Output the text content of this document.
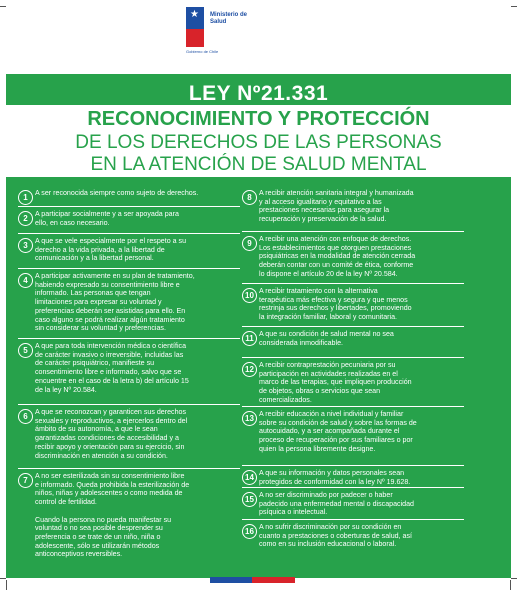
★ Ministerio de
Salud
Gobierno de Chile
LEY Nº21.331
RECONOCIMIENTO Y PROTECCIÓN
DE LOS DERECHOS DE LAS PERSONAS
EN LA ATENCIÓN DE SALUD MENTAL
1	A ser reconocida siempre como sujeto de derechos.
2	A participar socialmente y a ser apoyada para
ello, en caso necesario.
3	A que se vele especialmente por el respeto a su
derecho a la vida privada, a la libertad de
comunicación y a la libertad personal.
4	A participar activamente en su plan de tratamiento,
habiendo expresado su consentimiento libre e
informado. Las personas que tengan
limitaciones para expresar su voluntad y
preferencias deberán ser asistidas para ello. En
caso alguno se podrá realizar algún tratamiento
sin considerar su voluntad y preferencias.
5	A que para toda intervención médica o científica
de carácter invasivo o irreversible, incluidas las
de carácter psiquiátrico, manifieste su
consentimiento libre e informado, salvo que se
encuentre en el caso de la letra b) del artículo 15
de la ley Nº 20.584.
6	A que se reconozcan y garanticen sus derechos
sexuales y reproductivos, a ejercerlos dentro del
ámbito de su autonomía, a que le sean
garantizadas condiciones de accesibilidad y a
recibir apoyo y orientación para su ejercicio, sin
discriminación en atención a su condición.
7	A no ser esterilizada sin su consentimiento libre
e informado. Queda prohibida la esterilización de
niños, niñas y adolescentes o como medida de
control de fertilidad.

Cuando la persona no pueda manifestar su
voluntad o no sea posible desprender su
preferencia o se trate de un niño, niña o
adolescente, sólo se utilizarán métodos
anticonceptivos reversibles.
8	A recibir atención sanitaria integral y humanizada
y al acceso igualitario y equitativo a las
prestaciones necesarias para asegurar la
recuperación y preservación de la salud.
9	A recibir una atención con enfoque de derechos.
Los establecimientos que otorguen prestaciones
psiquiátricas en la modalidad de atención cerrada
deberán contar con un comité de ética, conforme
lo dispone el artículo 20 de la ley Nº 20.584.
10 A recibir tratamiento con la alternativa
terapéutica más efectiva y segura y que menos
restrinja sus derechos y libertades, promoviendo
la integración familiar, laboral y comunitaria.
11 A que su condición de salud mental no sea
considerada inmodificable.
12 A recibir contraprestación pecuniaria por su
participación en actividades realizadas en el
marco de las terapias, que impliquen producción
de objetos, obras o servicios que sean
comercializados.
13 A recibir educación a nivel individual y familiar
sobre su condición de salud y sobre las formas de
autocuidado, y a ser acompañada durante el
proceso de recuperación por sus familiares o por
quien la persona libremente designe.
14 A que su información y datos personales sean
protegidos de conformidad con la ley Nº 19.628.
15 A no ser discriminado por padecer o haber
padecido una enfermedad mental o discapacidad
psíquica o intelectual.
16 A no sufrir discriminación por su condición en
cuanto a prestaciones o coberturas de salud, así
como en su inclusión educacional o laboral.
